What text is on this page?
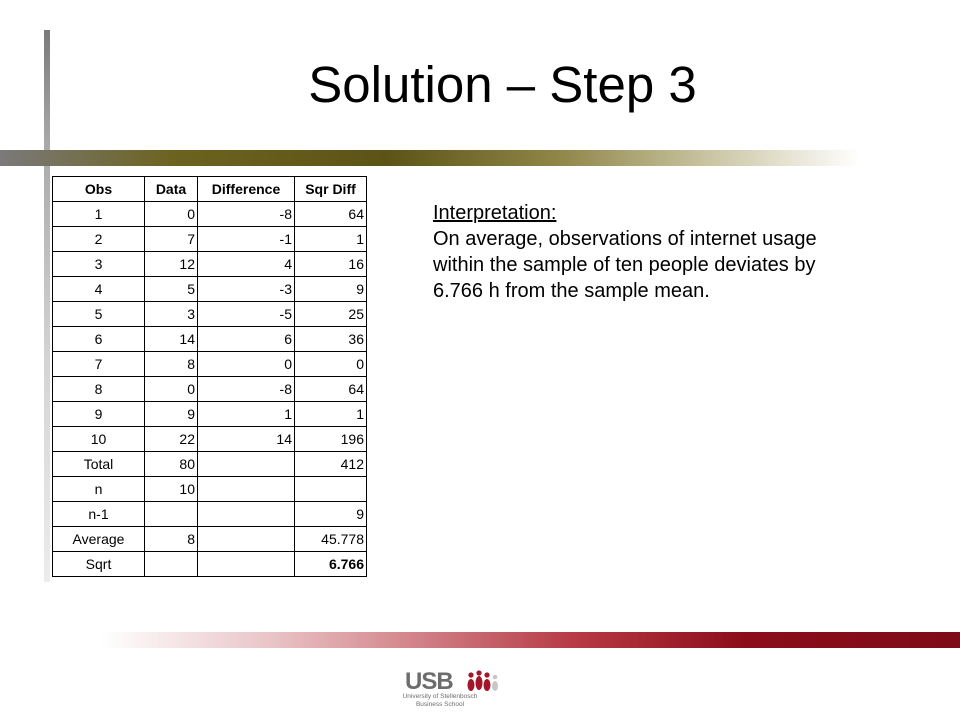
Solution – Step 3
Obs	Data	Difference	Sqr Diff
1	0	-8	64
2	7	-1	1
3	12	4	16
4	5	-3	9
5	3	-5	25
6	14	6	36
7	8	0	0
8	0	-8	64
9	9	1	1
10	22	14	196
Total	80		412
n	10		
n-1			9
Average	8		45.778
Sqrt			6.766
Interpretation:
On average, observations of internet usage within the sample of ten people deviates by 6.766 h from the sample mean.
USB
University of Stellenbosch
Business School
